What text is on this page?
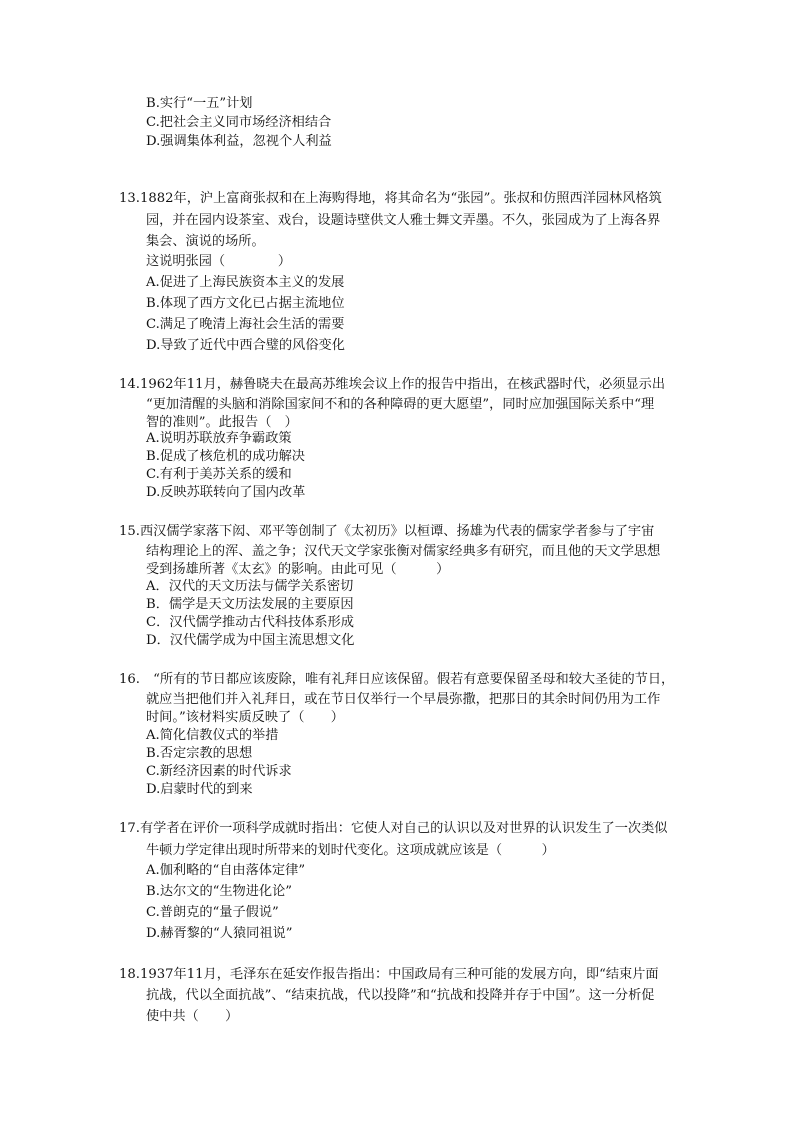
B.实行“一五”计划
C.把社会主义同市场经济相结合
D.强调集体利益，忽视个人利益
13.1882年，沪上富商张叔和在上海购得地，将其命名为“张园”。张叔和仿照西洋园林风格筑
园，并在园内设茶室、戏台，设题诗壁供文人雅士舞文弄墨。不久，张园成为了上海各界
集会、演说的场所。
这说明张园（　　　　）
A.促进了上海民族资本主义的发展
B.体现了西方文化已占据主流地位
C.满足了晚清上海社会生活的需要
D.导致了近代中西合璧的风俗变化
14.1962年11月，赫鲁晓夫在最高苏维埃会议上作的报告中指出，在核武器时代，必须显示出
“更加清醒的头脑和消除国家间不和的各种障碍的更大愿望”，同时应加强国际关系中“理
智的准则”。此报告（　）
A.说明苏联放弃争霸政策
B.促成了核危机的成功解决
C.有利于美苏关系的缓和
D.反映苏联转向了国内改革
15.西汉儒学家落下闳、邓平等创制了《太初历》以桓谭、扬雄为代表的儒家学者参与了宇宙
结构理论上的浑、盖之争；汉代天文学家张衡对儒家经典多有研究，而且他的天文学思想
受到扬雄所著《太玄》的影响。由此可见（　　　）
A．汉代的天文历法与儒学关系密切
B．儒学是天文历法发展的主要原因
C．汉代儒学推动古代科技体系形成
D．汉代儒学成为中国主流思想文化
16.　“所有的节日都应该废除，唯有礼拜日应该保留。假若有意要保留圣母和较大圣徒的节日，
就应当把他们并入礼拜日，或在节日仅举行一个早晨弥撒，把那日的其余时间仍用为工作
时间。”该材料实质反映了（　　）
A.简化信教仪式的举措
B.否定宗教的思想
C.新经济因素的时代诉求
D.启蒙时代的到来
17.有学者在评价一项科学成就时指出：它使人对自己的认识以及对世界的认识发生了一次类似
牛顿力学定律出现时所带来的划时代变化。这项成就应该是（　　　）
A.伽利略的“自由落体定律”
B.达尔文的“生物进化论”
C.普朗克的“量子假说”
D.赫胥黎的“人猿同祖说”
18.1937年11月，毛泽东在延安作报告指出：中国政局有三种可能的发展方向，即“结束片面
抗战，代以全面抗战”、“结束抗战，代以投降”和“抗战和投降并存于中国”。这一分析促
使中共（　　）
